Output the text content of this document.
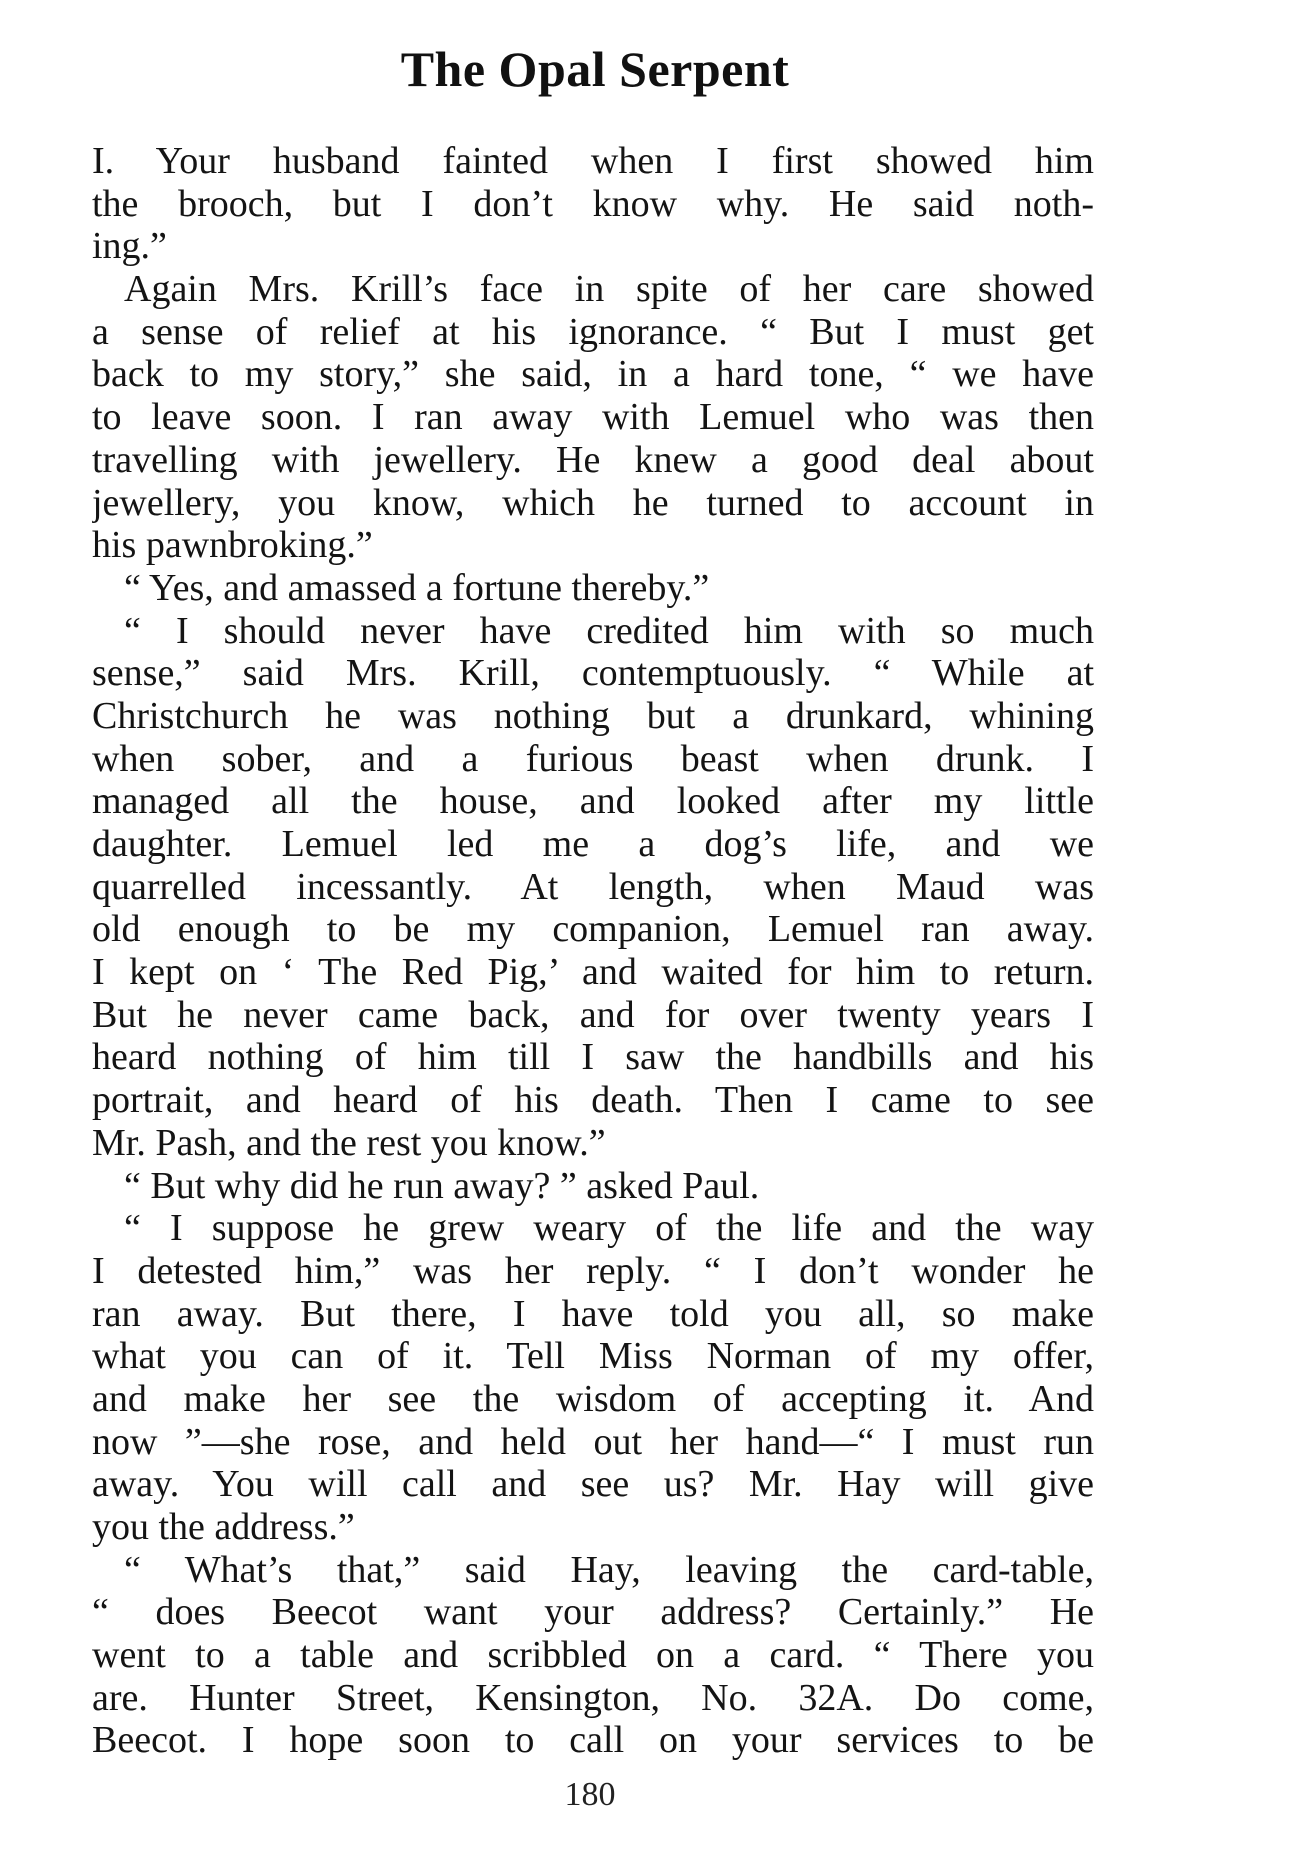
The Opal Serpent
I. Your husband fainted when I first showed him
the brooch, but I don’t know why. He said noth-
ing.”
Again Mrs. Krill’s face in spite of her care showed
a sense of relief at his ignorance. “ But I must get
back to my story,” she said, in a hard tone, “ we have
to leave soon. I ran away with Lemuel who was then
travelling with jewellery. He knew a good deal about
jewellery, you know, which he turned to account in
his pawnbroking.”
“ Yes, and amassed a fortune thereby.”
“ I should never have credited him with so much
sense,” said Mrs. Krill, contemptuously. “ While at
Christchurch he was nothing but a drunkard, whining
when sober, and a furious beast when drunk. I
managed all the house, and looked after my little
daughter. Lemuel led me a dog’s life, and we
quarrelled incessantly. At length, when Maud was
old enough to be my companion, Lemuel ran away.
I kept on ‘ The Red Pig,’ and waited for him to return.
But he never came back, and for over twenty years I
heard nothing of him till I saw the handbills and his
portrait, and heard of his death. Then I came to see
Mr. Pash, and the rest you know.”
“ But why did he run away? ” asked Paul.
“ I suppose he grew weary of the life and the way
I detested him,” was her reply. “ I don’t wonder he
ran away. But there, I have told you all, so make
what you can of it. Tell Miss Norman of my offer,
and make her see the wisdom of accepting it. And
now ”—she rose, and held out her hand—“ I must run
away. You will call and see us? Mr. Hay will give
you the address.”
“ What’s that,” said Hay, leaving the card-table,
“ does Beecot want your address? Certainly.” He
went to a table and scribbled on a card. “ There you
are. Hunter Street, Kensington, No. 32A. Do come,
Beecot. I hope soon to call on your services to be
180
